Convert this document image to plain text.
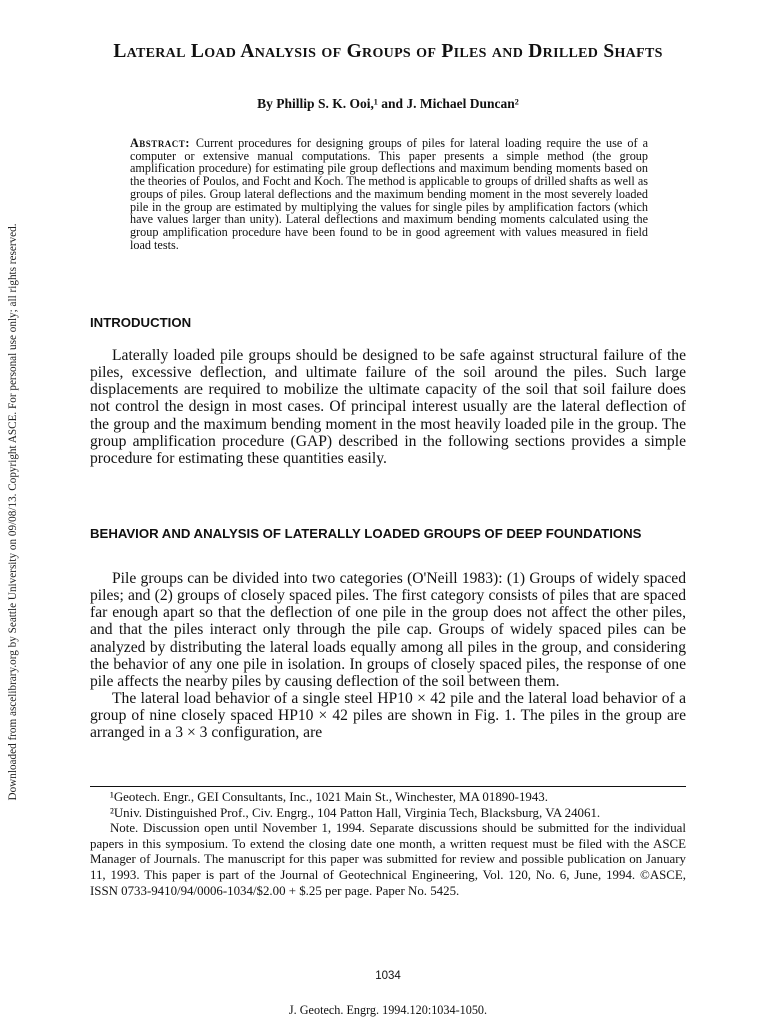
Downloaded from ascelibrary.org by Seattle University on 09/08/13. Copyright ASCE. For personal use only; all rights reserved.
Lateral Load Analysis of Groups of Piles and Drilled Shafts
By Phillip S. K. Ooi,¹ and J. Michael Duncan²
Abstract: Current procedures for designing groups of piles for lateral loading require the use of a computer or extensive manual computations. This paper presents a simple method (the group amplification procedure) for estimating pile group deflections and maximum bending moments based on the theories of Poulos, and Focht and Koch. The method is applicable to groups of drilled shafts as well as groups of piles. Group lateral deflections and the maximum bending moment in the most severely loaded pile in the group are estimated by multiplying the values for single piles by amplification factors (which have values larger than unity). Lateral deflections and maximum bending moments calculated using the group amplification procedure have been found to be in good agreement with values measured in field load tests.
INTRODUCTION

Laterally loaded pile groups should be designed to be safe against structural failure of the piles, excessive deflection, and ultimate failure of the soil around the piles. Such large displacements are required to mobilize the ultimate capacity of the soil that soil failure does not control the design in most cases. Of principal interest usually are the lateral deflection of the group and the maximum bending moment in the most heavily loaded pile in the group. The group amplification procedure (GAP) described in the following sections provides a simple procedure for estimating these quantities easily.

BEHAVIOR AND ANALYSIS OF LATERALLY LOADED GROUPS OF DEEP FOUNDATIONS

Pile groups can be divided into two categories (O'Neill 1983): (1) Groups of widely spaced piles; and (2) groups of closely spaced piles. The first category consists of piles that are spaced far enough apart so that the deflection of one pile in the group does not affect the other piles, and that the piles interact only through the pile cap. Groups of widely spaced piles can be analyzed by distributing the lateral loads equally among all piles in the group, and considering the behavior of any one pile in isolation. In groups of closely spaced piles, the response of one pile affects the nearby piles by causing deflection of the soil between them.

The lateral load behavior of a single steel HP10 × 42 pile and the lateral load behavior of a group of nine closely spaced HP10 × 42 piles are shown in Fig. 1. The piles in the group are arranged in a 3 × 3 configuration, are

¹Geotech. Engr., GEI Consultants, Inc., 1021 Main St., Winchester, MA 01890-1943.

²Univ. Distinguished Prof., Civ. Engrg., 104 Patton Hall, Virginia Tech, Blacksburg, VA 24061.

Note. Discussion open until November 1, 1994. Separate discussions should be submitted for the individual papers in this symposium. To extend the closing date one month, a written request must be filed with the ASCE Manager of Journals. The manuscript for this paper was submitted for review and possible publication on January 11, 1993. This paper is part of the Journal of Geotechnical Engineering, Vol. 120, No. 6, June, 1994. ©ASCE, ISSN 0733-9410/94/0006-1034/$2.00 + $.25 per page. Paper No. 5425.

1034
J. Geotech. Engrg. 1994.120:1034-1050.
